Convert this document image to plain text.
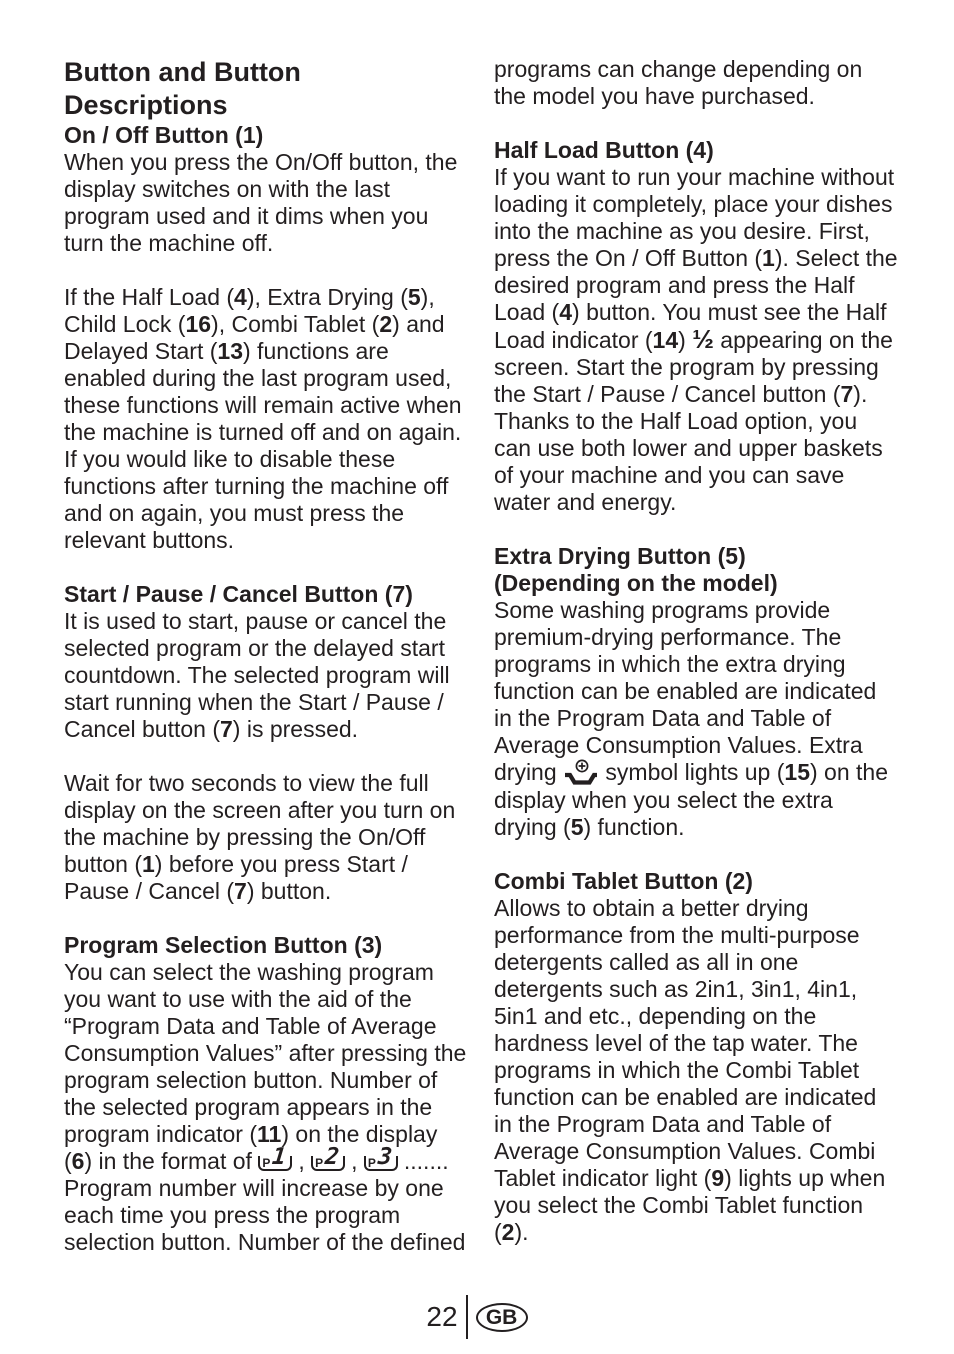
Button and Button
Descriptions
On / Off Button (1)

When you press the On/Off button, the display switches on with the last program used and it dims when you turn the machine off.

If the Half Load (4), Extra Drying (5), Child Lock (16), Combi Tablet (2) and Delayed Start (13) functions are enabled during the last program used, these functions will remain active when the machine is turned off and on again. If you would like to disable these functions after turning the machine off and on again, you must press the relevant buttons.

Start / Pause / Cancel Button (7)

It is used to start, pause or cancel the selected program or the delayed start countdown. The selected program will start running when the Start / Pause / Cancel button (7) is pressed.

Wait for two seconds to view the full display on the screen after you turn on the machine by pressing the On/Off button (1) before you press Start / Pause / Cancel (7) button.

Program Selection Button (3)

You can select the washing program you want to use with the aid of the “Program Data and Table of Average Consumption Values” after pressing the program selection button. Number of the selected program appears in the program indicator (11) on the display (6) in the format of P 1 , P 2 , P 3 ....... Program number will increase by one each time you press the program selection button. Number of the defined

programs can change depending on the model you have purchased.

Half Load Button (4)

If you want to run your machine without loading it completely, place your dishes into the machine as you desire. First, press the On / Off Button (1). Select the desired program and press the Half Load (4) button. You must see the Half Load indicator (14) ½ appearing on the screen. Start the program by pressing the Start / Pause / Cancel button (7). Thanks to the Half Load option, you can use both lower and upper baskets of your machine and you can save water and energy.

Extra Drying Button (5)
(Depending on the model)

Some washing programs provide premium-drying performance. The programs in which the extra drying function can be enabled are indicated in the Program Data and Table of Average Consumption Values. Extra drying
symbol lights up (15) on the display when you select the extra drying (5) function.

Combi Tablet Button (2)

Allows to obtain a better drying performance from the multi-purpose detergents called as all in one detergents such as 2in1, 3in1, 4in1, 5in1 and etc., depending on the hardness level of the tap water. The programs in which the Combi Tablet function can be enabled are indicated in the Program Data and Table of Average Consumption Values. Combi Tablet indicator light (9) lights up when you select the Combi Tablet function (2).

22 GB
